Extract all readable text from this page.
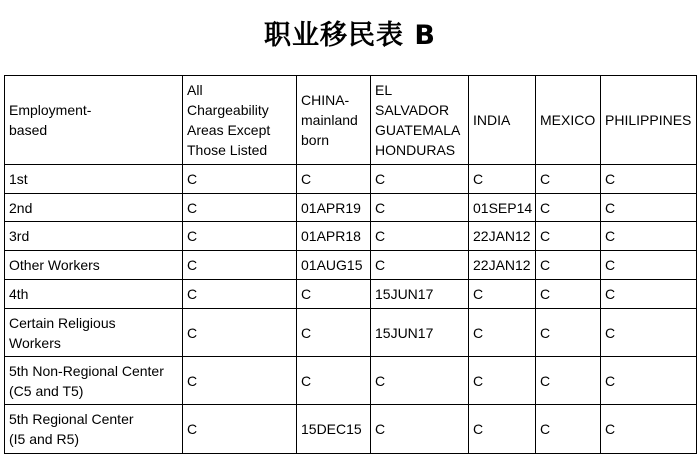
职业移民表 B
Employment-
based	All
Chargeability
Areas Except
Those Listed	CHINA-
mainland
born	EL
SALVADOR
GUATEMALA
HONDURAS	INDIA	MEXICO	PHILIPPINES

1st	C	C	C	C	C	C

2nd	C	01APR19	C	01SEP14	C	C

3rd	C	01APR18	C	22JAN12	C	C

Other Workers	C	01AUG15	C	22JAN12	C	C

4th	C	C	15JUN17	C	C	C

Certain Religious
Workers	C	C	15JUN17	C	C	C

5th Non-Regional Center
(C5 and T5)	C	C	C	C	C	C

5th Regional Center
(I5 and R5)	C	15DEC15	C	C	C	C
